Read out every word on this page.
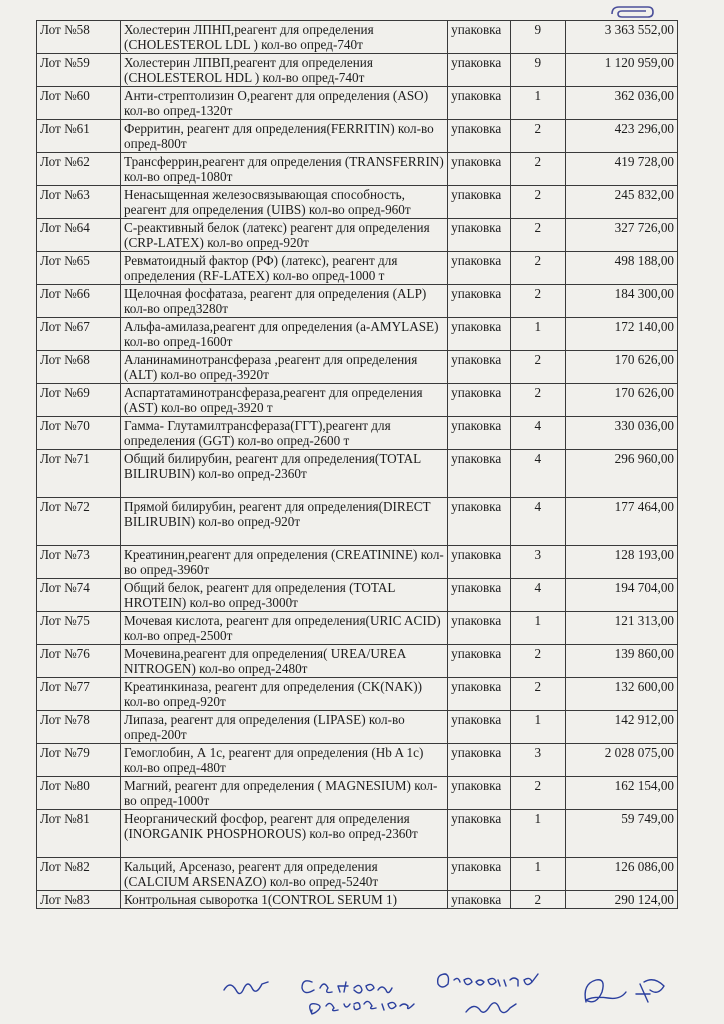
Лот №58	Холестерин ЛПНП,реагент для определения (CHOLESTEROL LDL ) кол-во опред-740т	упаковка	9	3 363 552,00
Лот №59	Холестерин ЛПВП,реагент для определения (CHOLESTEROL HDL ) кол-во опред-740т	упаковка	9	1 120 959,00
Лот №60	Анти-стрептолизин О,реагент для определения (ASO) кол-во опред-1320т	упаковка	1	362 036,00
Лот №61	Ферритин, реагент для определения(FERRITIN) кол-во опред-800т	упаковка	2	423 296,00
Лот №62	Трансферрин,реагент для определения (TRANSFERRIN) кол-во опред-1080т	упаковка	2	419 728,00
Лот №63	Ненасыщенная железосвязывающая способность, реагент для определения (UIBS) кол-во опред-960т	упаковка	2	245 832,00
Лот №64	С-реактивный белок (латекс) реагент для определения (CRP-LATEX) кол-во опред-920т	упаковка	2	327 726,00
Лот №65	Ревматоидный фактор (РФ) (латекс), реагент для определения (RF-LATEX) кол-во опред-1000 т	упаковка	2	498 188,00
Лот №66	Щелочная фосфатаза, реагент для определения (ALP) кол-во опред3280т	упаковка	2	184 300,00
Лот №67	Альфа-амилаза,реагент для определения (а-AMYLASE) кол-во опред-1600т	упаковка	1	172 140,00
Лот №68	Аланинаминотрансфераза ,реагент для определения (ALT) кол-во опред-3920т	упаковка	2	170 626,00
Лот №69	Аспартатаминотрансфераза,реагент для определения (AST) кол-во опред-3920 т	упаковка	2	170 626,00
Лот №70	Гамма- Глутамилтрансфераза(ГГТ),реагент для определения (GGT) кол-во опред-2600 т	упаковка	4	330 036,00
Лот №71	Общий билирубин, реагент для определения(TOTAL BILIRUBIN) кол-во опред-2360т	упаковка	4	296 960,00
Лот №72	Прямой билирубин, реагент для определения(DIRECT BILIRUBIN) кол-во опред-920т	упаковка	4	177 464,00
Лот №73	Креатинин,реагент для определения (CREATININE) кол-во опред-3960т	упаковка	3	128 193,00
Лот №74	Общий белок, реагент для определения (TOTAL HROTEIN) кол-во опред-3000т	упаковка	4	194 704,00
Лот №75	Мочевая кислота, реагент для определения(URIC ACID) кол-во опред-2500т	упаковка	1	121 313,00
Лот №76	Мочевина,реагент для определения( UREA/UREA NITROGEN) кол-во опред-2480т	упаковка	2	139 860,00
Лот №77	Креатинкиназа, реагент для определения (CK(NAK)) кол-во опред-920т	упаковка	2	132 600,00
Лот №78	Липаза, реагент для определения (LIPASE) кол-во опред-200т	упаковка	1	142 912,00
Лот №79	Гемоглобин, А 1с, реагент для определения (Hb A 1с) кол-во опред-480т	упаковка	3	2 028 075,00
Лот №80	Магний, реагент для определения ( MAGNESIUM) кол-во опред-1000т	упаковка	2	162 154,00
Лот №81	Неорганический фосфор, реагент для определения (INORGANIK PHOSPHOROUS) кол-во опред-2360т	упаковка	1	59 749,00
Лот №82	Кальций, Арсеназо, реагент для определения (CALCIUM ARSENAZO) кол-во опред-5240т	упаковка	1	126 086,00
Лот №83	Контрольная сыворотка 1(CONTROL SERUM 1)	упаковка	2	290 124,00
